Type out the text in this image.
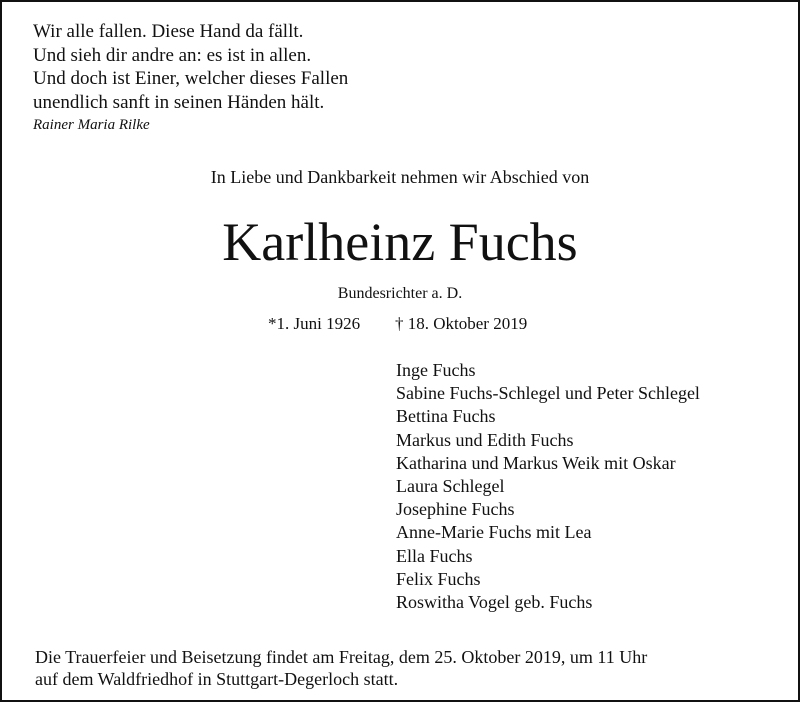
Wir alle fallen. Diese Hand da fällt.
Und sieh dir andre an: es ist in allen.
Und doch ist Einer, welcher dieses Fallen
unendlich sanft in seinen Händen hält.
Rainer Maria Rilke
In Liebe und Dankbarkeit nehmen wir Abschied von
Karlheinz Fuchs
Bundesrichter a. D.
*1. Juni 1926 † 18. Oktober 2019
Inge Fuchs
Sabine Fuchs-Schlegel und Peter Schlegel
Bettina Fuchs
Markus und Edith Fuchs
Katharina und Markus Weik mit Oskar
Laura Schlegel
Josephine Fuchs
Anne-Marie Fuchs mit Lea
Ella Fuchs
Felix Fuchs
Roswitha Vogel geb. Fuchs
Die Trauerfeier und Beisetzung findet am Freitag, dem 25. Oktober 2019, um 11 Uhr
auf dem Waldfriedhof in Stuttgart-Degerloch statt.
